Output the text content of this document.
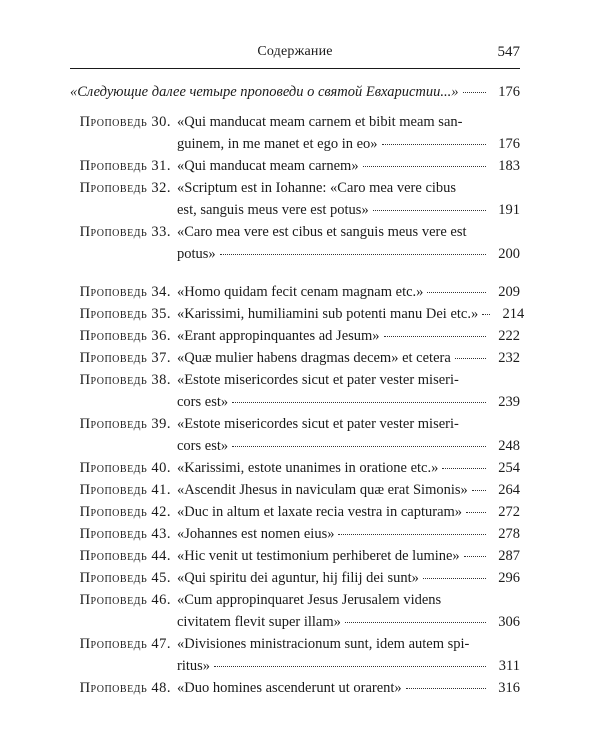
Содержание	547
«Следующие далее четыре проповеди о святой Евхаристии...»	176
Проповедь 30. «Qui manducat meam carnem et bibit meam san-
guinem, in me manet et ego in eo»	176
Проповедь 31. «Qui manducat meam carnem»	183
Проповедь 32. «Scriptum est in Iohanne: «Caro mea vere cibus
est, sanguis meus vere est potus»	191
Проповедь 33. «Caro mea vere est cibus et sanguis meus vere est
potus»	200
Проповедь 34. «Homo quidam fecit cenam magnam etc.»	209
Проповедь 35. «Karissimi, humiliamini sub potenti manu Dei etc.»	214
Проповедь 36. «Erant appropinquantes ad Jesum»	222
Проповедь 37. «Quæ mulier habens dragmas decem» et cetera	232
Проповедь 38. «Estote misericordes sicut et pater vester miseri-
cors est»	239
Проповедь 39. «Estote misericordes sicut et pater vester miseri-
cors est»	248
Проповедь 40. «Karissimi, estote unanimes in oratione etc.»	254
Проповедь 41. «Ascendit Jhesus in naviculam quæ erat Simonis»	264
Проповедь 42. «Duc in altum et laxate recia vestra in capturam»	272
Проповедь 43. «Johannes est nomen eius»	278
Проповедь 44. «Hic venit ut testimonium perhiberet de lumine»	287
Проповедь 45. «Qui spiritu dei aguntur, hij filij dei sunt»	296
Проповедь 46. «Cum appropinquaret Jesus Jerusalem videns
civitatem flevit super illam»	306
Проповедь 47. «Divisiones ministracionum sunt, idem autem spi-
ritus»	311
Проповедь 48. «Duo homines ascenderunt ut orarent»	316
